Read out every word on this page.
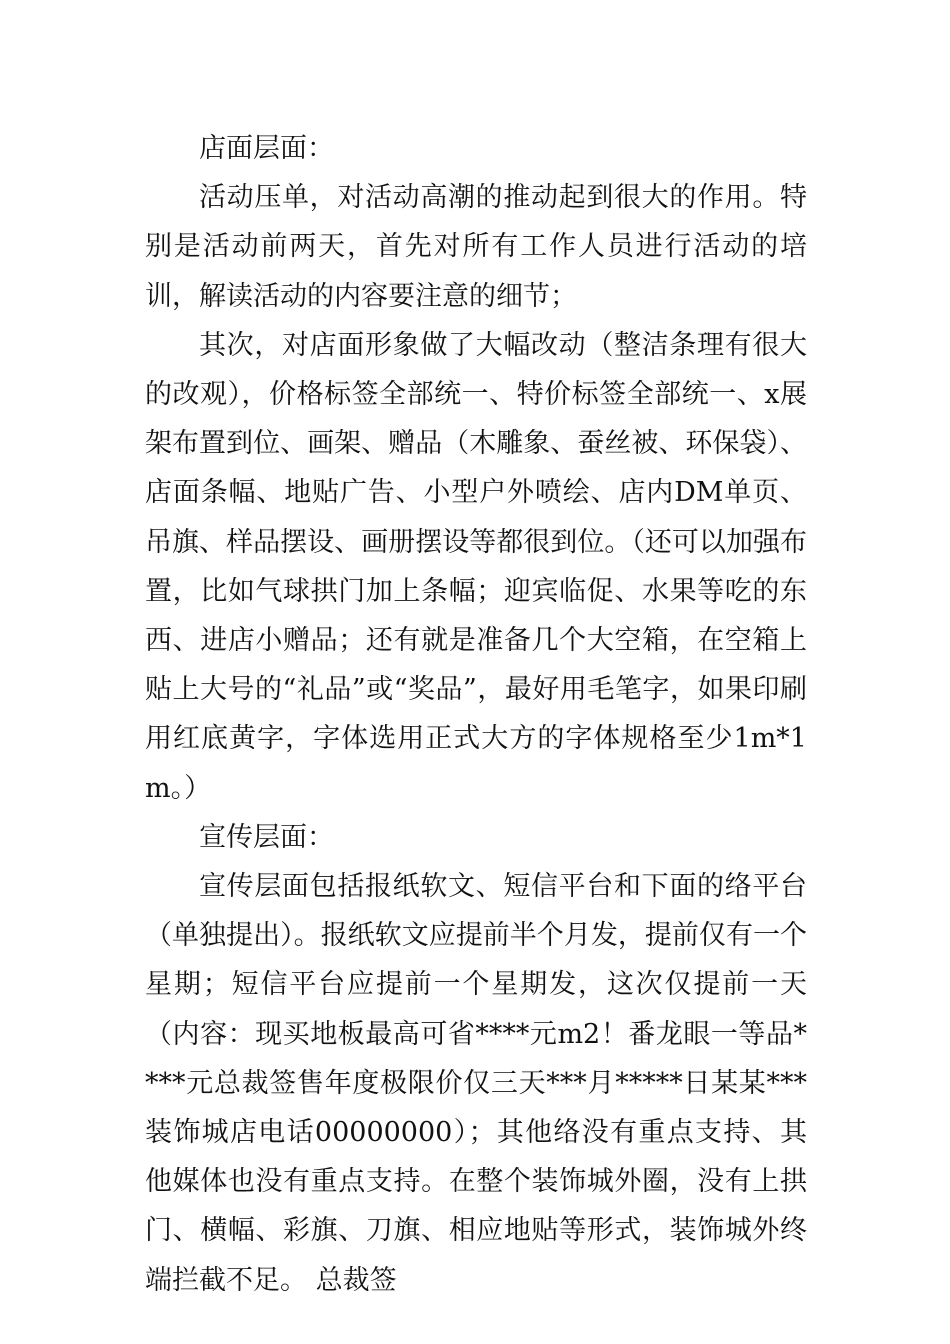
店面层面：

活动压单，对活动高潮的推动起到很大的作用。特别是活动前两天，首先对所有工作人员进行活动的培训，解读活动的内容要注意的细节；

其次，对店面形象做了大幅改动（整洁条理有很大的改观），价格标签全部统一、特价标签全部统一、x展架布置到位、画架、赠品（木雕象、蚕丝被、环保袋）、店面条幅、地贴广告、小型户外喷绘、店内DM单页、吊旗、样品摆设、画册摆设等都很到位。（还可以加强布置，比如气球拱门加上条幅；迎宾临促、水果等吃的东西、进店小赠品；还有就是准备几个大空箱，在空箱上贴上大号的“礼品”或“奖品”，最好用毛笔字，如果印刷用红底黄字，字体选用正式大方的字体规格至少1m*1m。）

宣传层面：

宣传层面包括报纸软文、短信平台和下面的络平台（单独提出）。报纸软文应提前半个月发，提前仅有一个星期；短信平台应提前一个星期发，这次仅提前一天（内容：现买地板最高可省****元m2！番龙眼一等品****元总裁签售年度极限价仅三天***月*****日某某***装饰城店电话00000000）；其他络没有重点支持、其他媒体也没有重点支持。在整个装饰城外圈，没有上拱门、横幅、彩旗、刀旗、相应地贴等形式，装饰城外终端拦截不足。 总裁签
